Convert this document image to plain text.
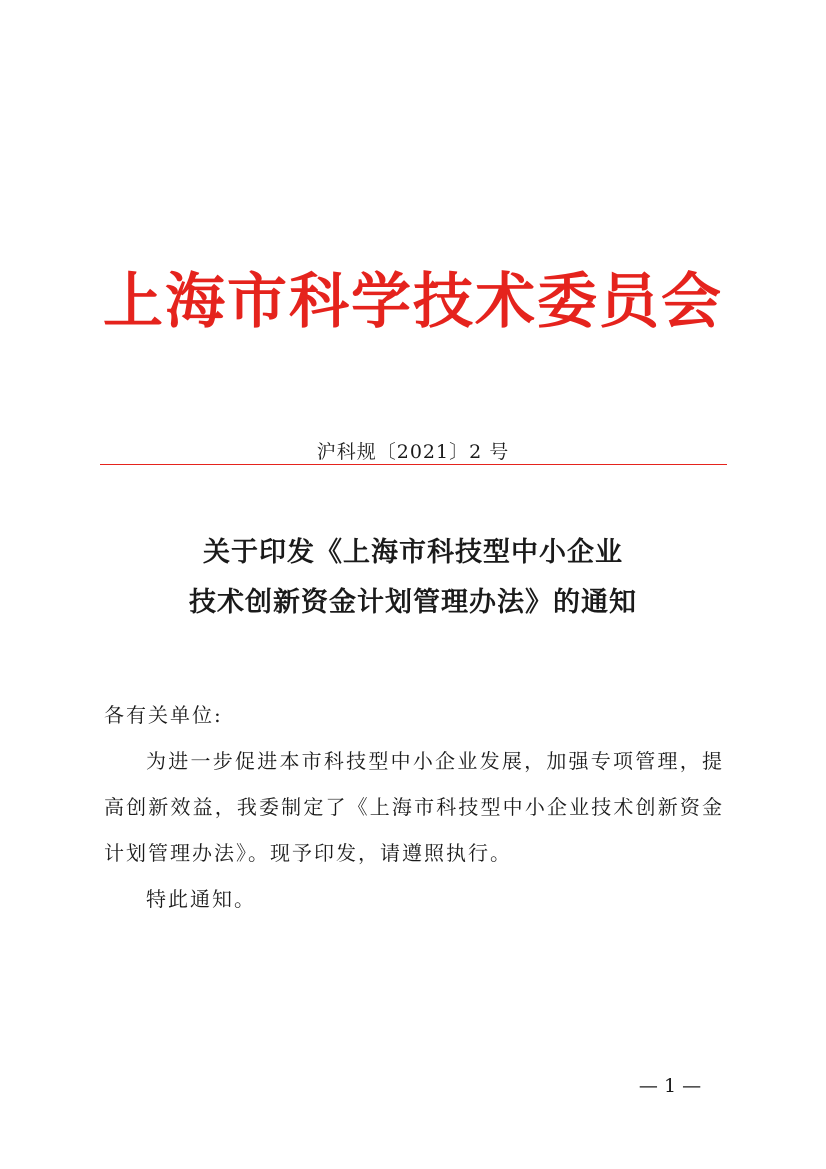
上海市科学技术委员会
沪科规〔2021〕2 号
关于印发《上海市科技型中小企业
技术创新资金计划管理办法》的通知
各有关单位:
为进一步促进本市科技型中小企业发展，加强专项管理，提高创新效益，我委制定了《上海市科技型中小企业技术创新资金计划管理办法》。现予印发，请遵照执行。
特此通知。
— 1 —
